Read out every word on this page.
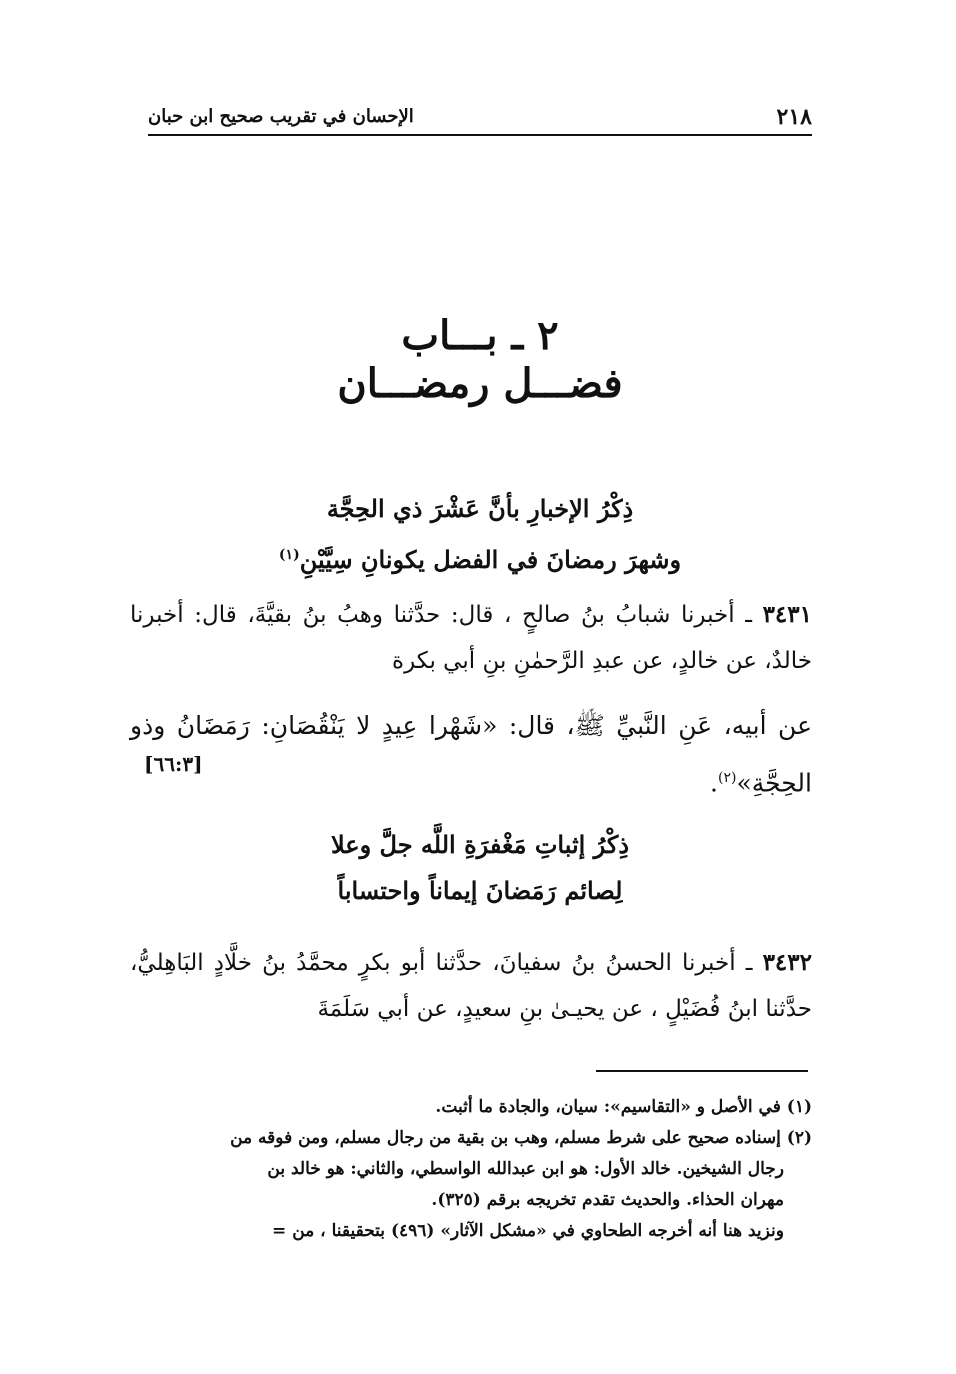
٢١٨
الإحسان في تقريب صحيح ابن حبان
٢ ـ بـــاب
فضـــل رمضـــان
ذِكْرُ الإخبارِ بأنَّ عَشْرَ ذي الحِجَّة
وشهرَ رمضانَ في الفضل يكونانِ سِيَّيْنِ$^{(١)}$
٣٤٣١ ـ أخبرنا شبابُ بنُ صالحٍ ، قال: حدَّثنا وهبُ بنُ بقيَّةَ، قال: أخبرنا خالدٌ، عن خالدٍ، عن عبدِ الرَّحمٰنِ بنِ أبي بكرة
عن أبيه، عَنِ النَّبيِّ ﷺ، قال: «شَهْرا عِيدٍ لا يَنْقُصَانِ: رَمَضَانُ وذو الحِجَّةِ»$^{(٢)}$.
[٦٦:٣]
ذِكْرُ إثباتِ مَغْفرَةِ اللَّه جلَّ وعلا
لِصائم رَمَضانَ إيماناً واحتساباً
٣٤٣٢ ـ أخبرنا الحسنُ بنُ سفيانَ، حدَّثنا أبو بكرٍ محمَّدُ بنُ خلَّادٍ البَاهِليُّ، حدَّثنا ابنُ فُضَيْلٍ ، عن يحيـىٰ بنِ سعيدٍ، عن أبي سَلَمَةَ
(١) في الأصل و «التقاسيم»: سيان، والجادة ما أثبت.
(٢) إسناده صحيح على شرط مسلم، وهب بن بقية من رجال مسلم، ومن فوقه من
رجال الشيخين. خالد الأول: هو ابن عبدالله الواسطي، والثاني: هو خالد بن
مهران الحذاء. والحديث تقدم تخريجه برقم (٣٢٥).
ونزيد هنا أنه أخرجه الطحاوي في «مشكل الآثار» (٤٩٦) بتحقيقنا ، من =
